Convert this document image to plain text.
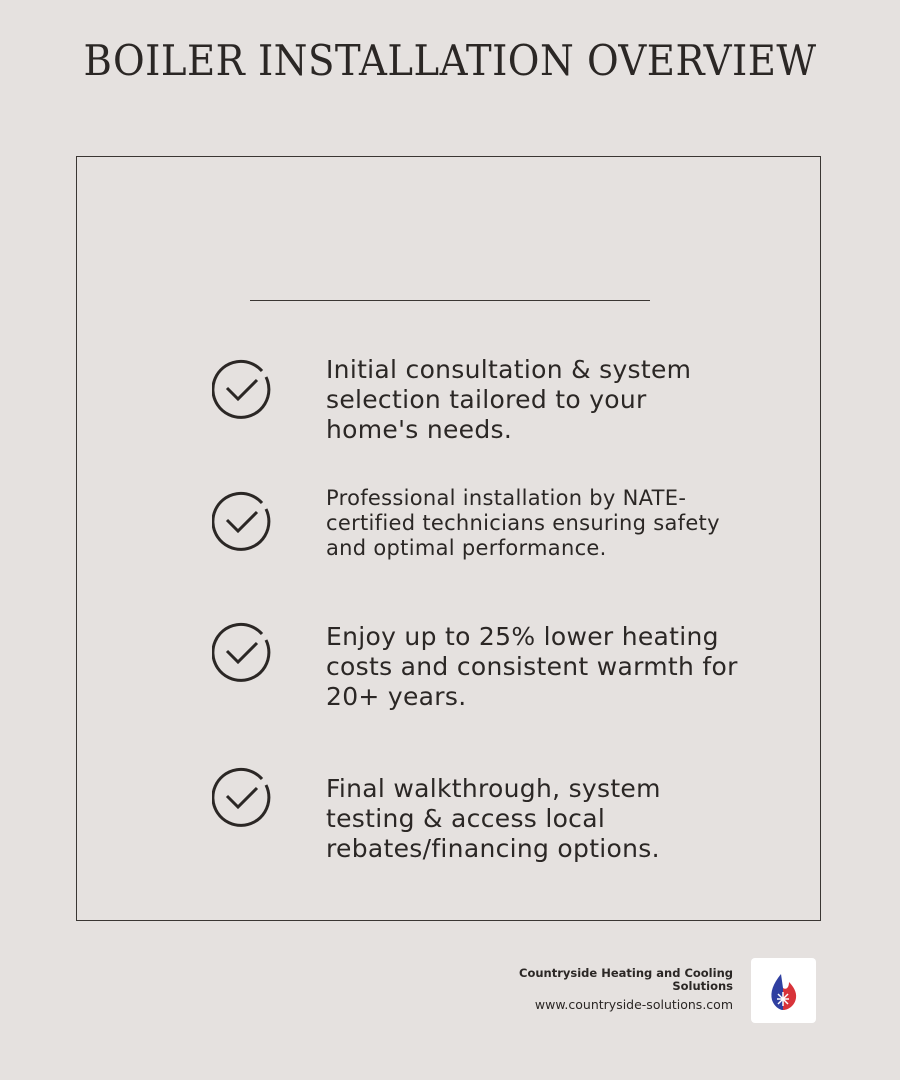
BOILER INSTALLATION OVERVIEW
Initial consultation & system selection tailored to your home's needs.
Professional installation by NATE-certified technicians ensuring safety and optimal performance.
Enjoy up to 25% lower heating costs and consistent warmth for 20+ years.
Final walkthrough, system testing & access local rebates/financing options.
Countryside Heating and Cooling Solutions
www.countryside-solutions.com
